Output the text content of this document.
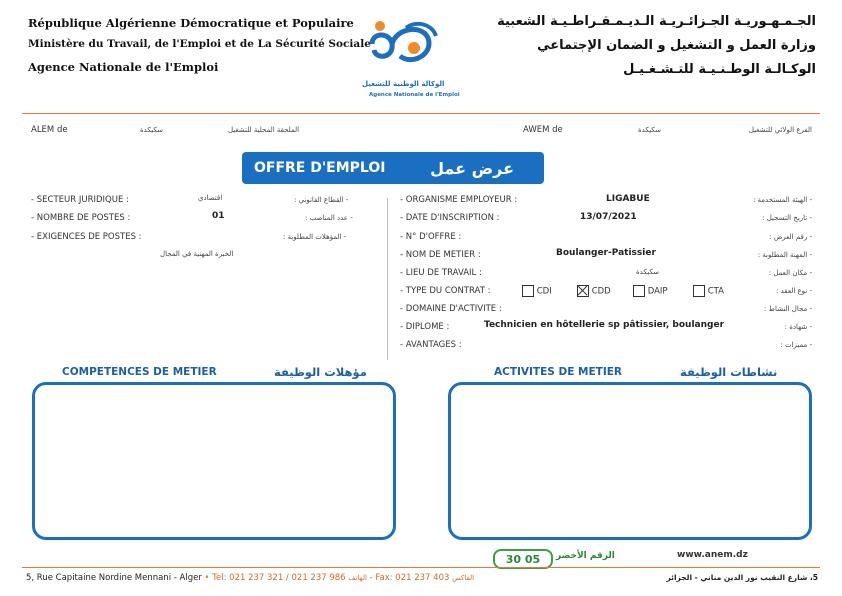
République Algérienne Démocratique et Populaire
Ministère du Travail, de l'Emploi et de La Sécurité Sociale
Agence Nationale de l'Emploi
الجـمـهـوريـة الجـزائـريـة الـديـمـقـراطـيـة الشعبية
وزارة العمل و التشغيل و الضمان الإجتماعي
الوكـالـة الوطـنـيـة للتـشـغـيـل
الوكالة الوطنية للتشغيل
Agence Nationale de l'Emploi
ALEM de	سكيكدة	الملحقة المحلية للتشغيل	AWEM de	سكيكدة	الفرع الولائي للتشغيل
OFFRE D'EMPLOI	عرض عمل
- SECTEUR JURIDIQUE :	اقتصادي	- القطاع القانوني :
- NOMBRE DE POSTES :	01	- عدد المناصب :
- EXIGENCES DE POSTES :	- المؤهلات المطلوبة :
الخبرة المهنية في المجال
- ORGANISME EMPLOYEUR :	LIGABUE	- الهيئة المستخدمة :
- DATE D'INSCRIPTION :	13/07/2021	- تاريخ التسجيل :
- N° D'OFFRE :	- رقم العرض :
- NOM DE METIER :	Boulanger-Patissier	- المهنة المطلوبة :
- LIEU DE TRAVAIL :	سكيكدة	- مكان العمل :
- TYPE DU CONTRAT :	CDI	CDD	DAIP	CTA	- نوع العقد :
- DOMAINE D'ACTIVITE :	- مجال النشاط :
- DIPLOME :	Technicien en hôtellerie sp pâtissier, boulanger	- شهادة :
- AVANTAGES :	- مميزات :
COMPETENCES DE METIER	مؤهلات الوظيفة	ACTIVITES DE METIER	نشاطات الوظيفة
30 05	الرقم الأخضر	www.anem.dz
5, Rue Capitaine Nordine Mennani - Alger • Tel: 021 237 321 / 021 237 986 الهاتف - Fax: 021 237 403 الفاكس	5، شارع النقيب نور الدين مناني - الجزائر
